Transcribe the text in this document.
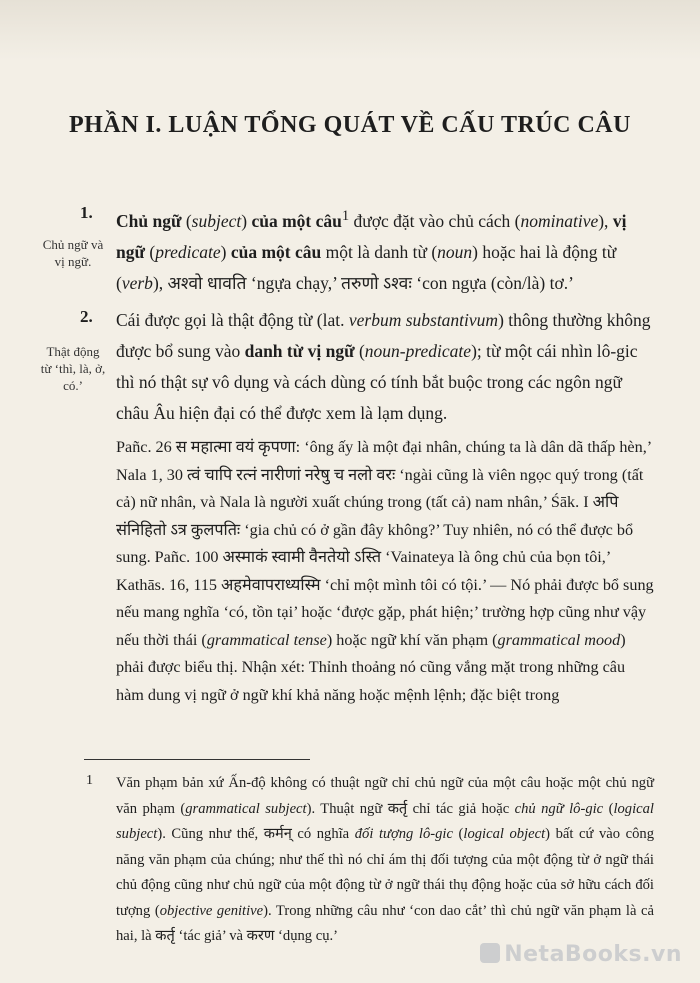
PHẦN I. LUẬN TỔNG QUÁT VỀ CẤU TRÚC CÂU
1.
Chủ ngữ và vị ngữ.
Chủ ngữ (subject) của một câu$^1$ được đặt vào chủ cách (nominative), vị ngữ (predicate) của một câu một là danh từ (noun) hoặc hai là động từ (verb), अश्वो धावति ‘ngựa chạy,’ तरुणो ऽश्वः ‘con ngựa (còn/là) tơ.’
2.
Thật động từ ‘thì, là, ở, có.’
Cái được gọi là thật động từ (lat. verbum substantivum) thông thường không được bổ sung vào danh từ vị ngữ (noun-predicate); từ một cái nhìn lô-gic thì nó thật sự vô dụng và cách dùng có tính bắt buộc trong các ngôn ngữ châu Âu hiện đại có thể được xem là lạm dụng.
Pañc. 26 स महात्मा वयं कृपणा: ‘ông ấy là một đại nhân, chúng ta là dân dã thấp hèn,’ Nala 1, 30 त्वं चापि रत्नं नारीणां नरेषु च नलो वरः ‘ngài cũng là viên ngọc quý trong (tất cả) nữ nhân, và Nala là người xuất chúng trong (tất cả) nam nhân,’ Śāk. I अपि संनिहितो ऽत्र कुलपतिः ‘gia chủ có ở gần đây không?’ Tuy nhiên, nó có thể được bổ sung. Pañc. 100 अस्माकं स्वामी वैनतेयो ऽस्ति ‘Vainateya là ông chủ của bọn tôi,’ Kathās. 16, 115 अहमेवापराध्यस्मि ‘chỉ một mình tôi có tội.’ — Nó phải được bổ sung nếu mang nghĩa ‘có, tồn tại’ hoặc ‘được gặp, phát hiện;’ trường hợp cũng như vậy nếu thời thái (grammatical tense) hoặc ngữ khí văn phạm (grammatical mood) phải được biểu thị. Nhận xét: Thỉnh thoảng nó cũng vắng mặt trong những câu hàm dung vị ngữ ở ngữ khí khả năng hoặc mệnh lệnh; đặc biệt trong
1 Văn phạm bản xứ Ấn-độ không có thuật ngữ chỉ chủ ngữ của một câu hoặc một chủ ngữ văn phạm (grammatical subject). Thuật ngữ कर्तृ chỉ tác giả hoặc chủ ngữ lô-gic (logical subject). Cũng như thế, कर्मन् có nghĩa đối tượng lô-gic (logical object) bất cứ vào công năng văn phạm của chúng; như thế thì nó chỉ ám thị đối tượng của một động từ ở ngữ thái chủ động cũng như chủ ngữ của một động từ ở ngữ thái thụ động hoặc của sở hữu cách đối tượng (objective genitive). Trong những câu như ‘con dao cắt’ thì chủ ngữ văn phạm là cả hai, là कर्तृ ‘tác giả’ và करण ‘dụng cụ.’
NetaBooks.vn
